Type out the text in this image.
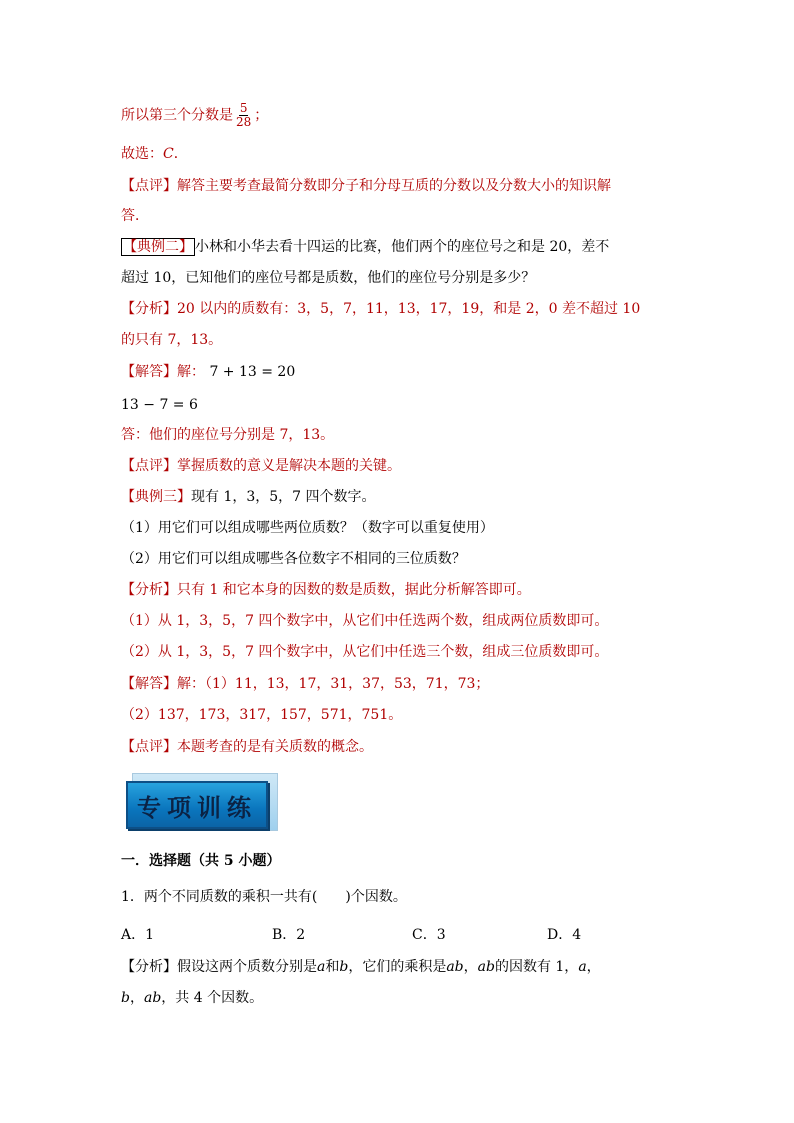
所以第三个分数是 $\frac{5}{28}$ ；
故选：C．
【点评】解答主要考查最简分数即分子和分母互质的分数以及分数大小的知识解
答．
【典例二】 小林和小华去看十四运的比赛，他们两个的座位号之和是 20，差不
超过 10，已知他们的座位号都是质数，他们的座位号分别是多少？
【分析】20 以内的质数有：3，5，7，11，13，17，19，和是 2，0 差不超过 10
的只有 7，13。
【解答】解： 7 + 13 = 20
13 − 7 = 6
答：他们的座位号分别是 7，13。
【点评】掌握质数的意义是解决本题的关键。
【典例三】现有 1，3，5，7 四个数字。
（1）用它们可以组成哪些两位质数？（数字可以重复使用）
（2）用它们可以组成哪些各位数字不相同的三位质数？
【分析】只有 1 和它本身的因数的数是质数，据此分析解答即可。
（1）从 1，3，5，7 四个数字中，从它们中任选两个数，组成两位质数即可。
（2）从 1，3，5，7 四个数字中，从它们中任选三个数，组成三位质数即可。
【解答】解：（1）11，13，17，31，37，53，71，73；
（2）137，173，317，157，571，751。
【点评】本题考查的是有关质数的概念。
专项训练
一．选择题（共 5 小题）
1．两个不同质数的乘积一共有( )个因数。
A．1	B．2	C．3	D．4
【分析】假设这两个质数分别是a和b，它们的乘积是ab，ab的因数有 1，a，
b，ab，共 4 个因数。
